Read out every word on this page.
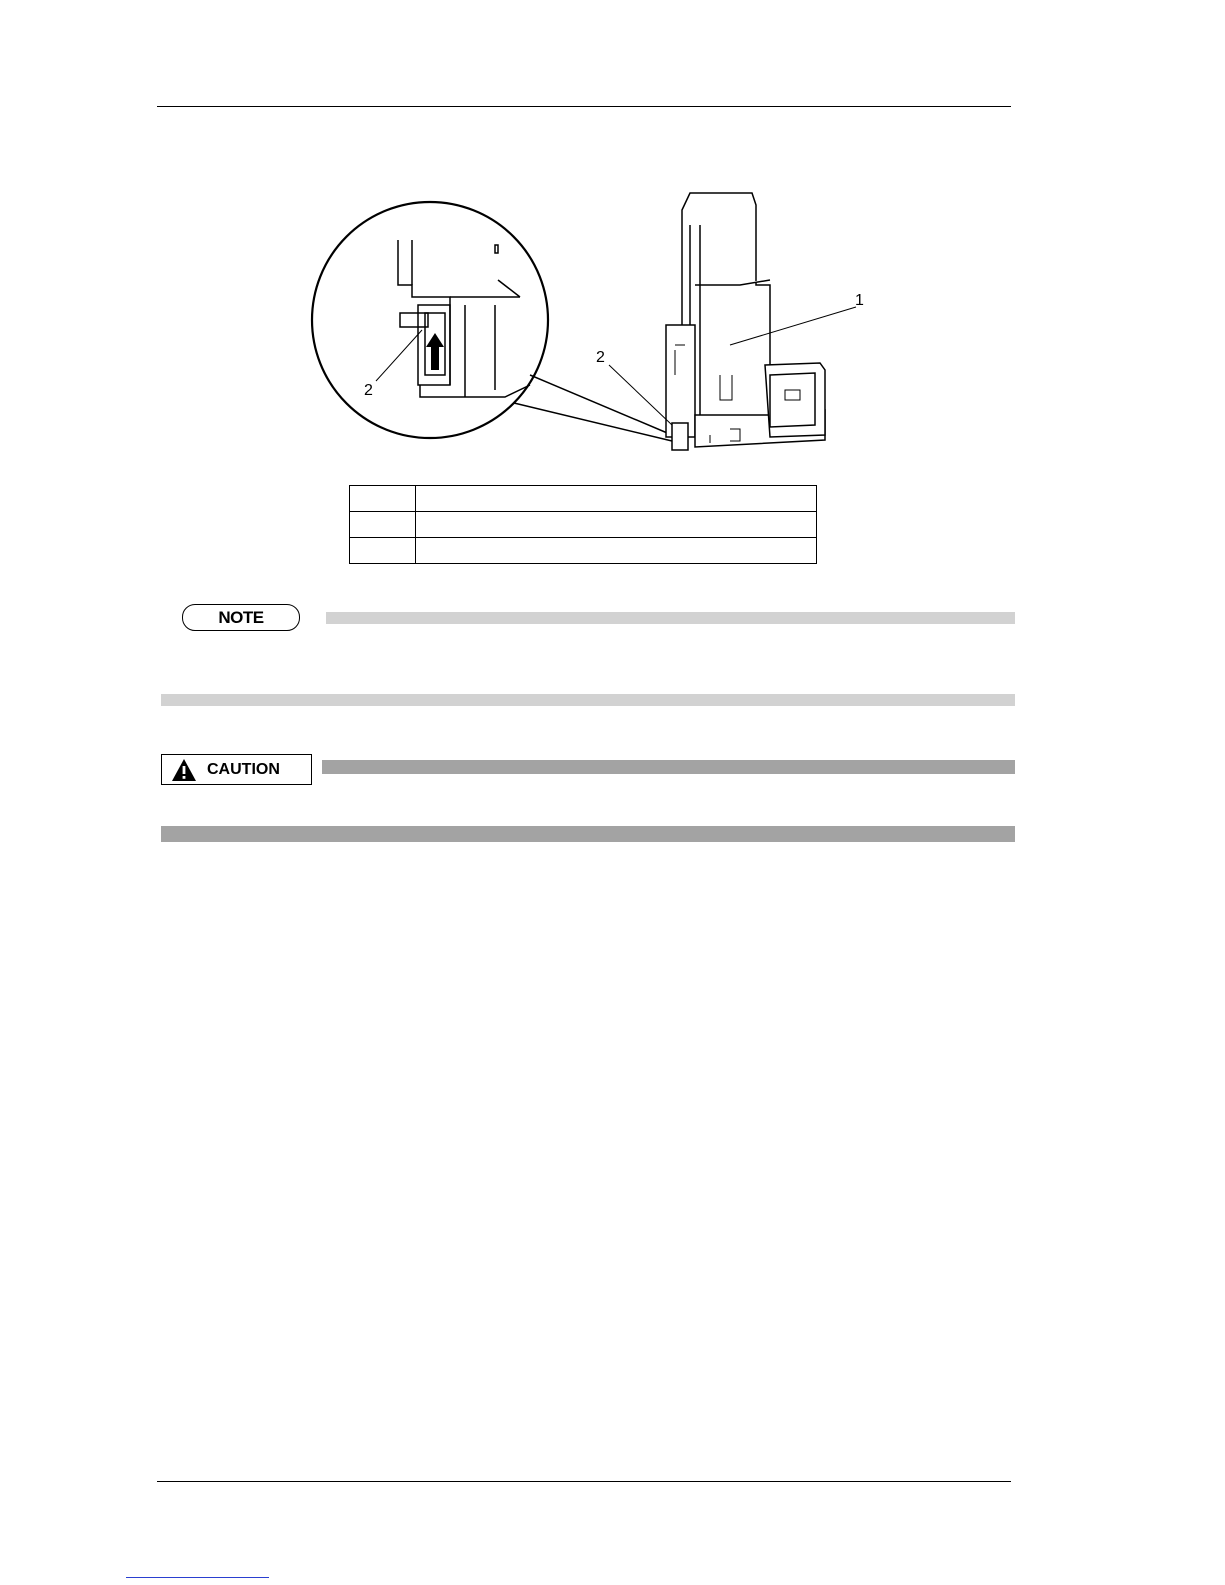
2
1
2

NOTE
CAUTION
